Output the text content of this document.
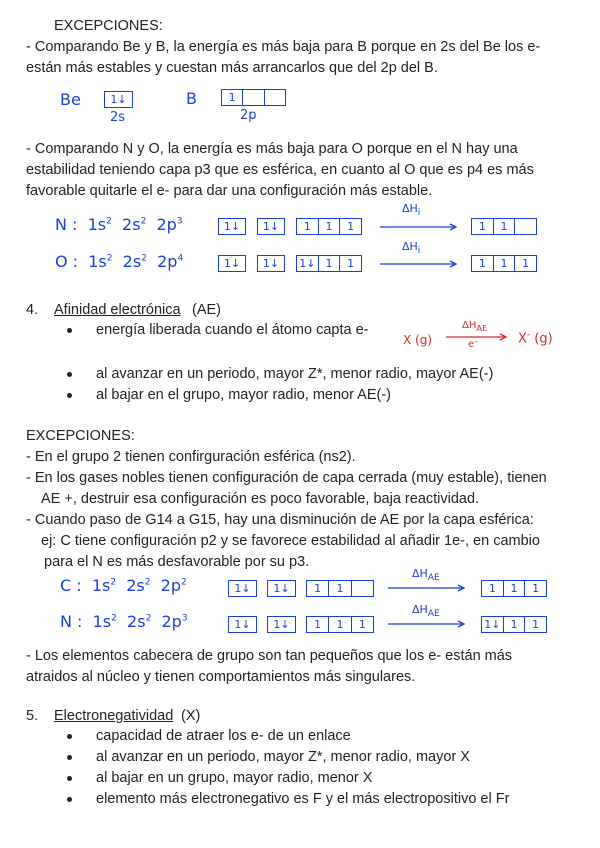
EXCEPCIONES:
- Comparando Be y B, la energía es más baja para B porque en 2s del Be los e-
están más estables y cuestan más arrancarlos que del 2p del B.
Be	1↓
2s
B	1
2p
- Comparando N y O, la energía es más baja para O porque en el N hay una
estabilidad teniendo capa p3 que es esférica, en cuanto al O que es p4 es más
favorable quitarle el e- para dar una configuración más estable.
N : $1s^2$ $2s^2$ $2p^3$	1↓	1↓	1	1	1
$\Delta H_i$
1	1
O : $1s^2$ $2s^2$ $2p^4$	1↓	1↓	1↓ 1	1
$\Delta H_i$
1	1	1
4. Afinidad electrónica (AE)
energía liberada cuando el átomo capta e-
X (g)
$\Delta H_{AE}$
e⁻	X- (g)
al avanzar en un periodo, mayor Z*, menor radio, mayor AE(-)
al bajar en el grupo, mayor radio, menor AE(-)
EXCEPCIONES:
- En el grupo 2 tienen confirguración esférica (ns2).
- En los gases nobles tienen configuración de capa cerrada (muy estable), tienen
AE +, destruir esa configuración es poco favorable, baja reactividad.
- Cuando paso de G14 a G15, hay una disminución de AE por la capa esférica:
ej: C tiene configuración p2 y se favorece estabilidad al añadir 1e-, en cambio
para el N es más desfavorable por su p3.
C : $1s^2$ $2s^2$ $2p^2$	1↓	1↓	1	1
$\Delta H_{AE}$
1	1	1
N : $1s^2$ $2s^2$ $2p^3$	1↓	1↓	1	1	1
$\Delta H_{AE}$
1↓ 1	1
- Los elementos cabecera de grupo son tan pequeños que los e- están más
atraidos al núcleo y tienen comportamientos más singulares.
5. Electronegatividad (X)
capacidad de atraer los e- de un enlace
al avanzar en un periodo, mayor Z*, menor radio, mayor X
al bajar en un grupo, mayor radio, menor X
elemento más electronegativo es F y el más electropositivo el Fr
